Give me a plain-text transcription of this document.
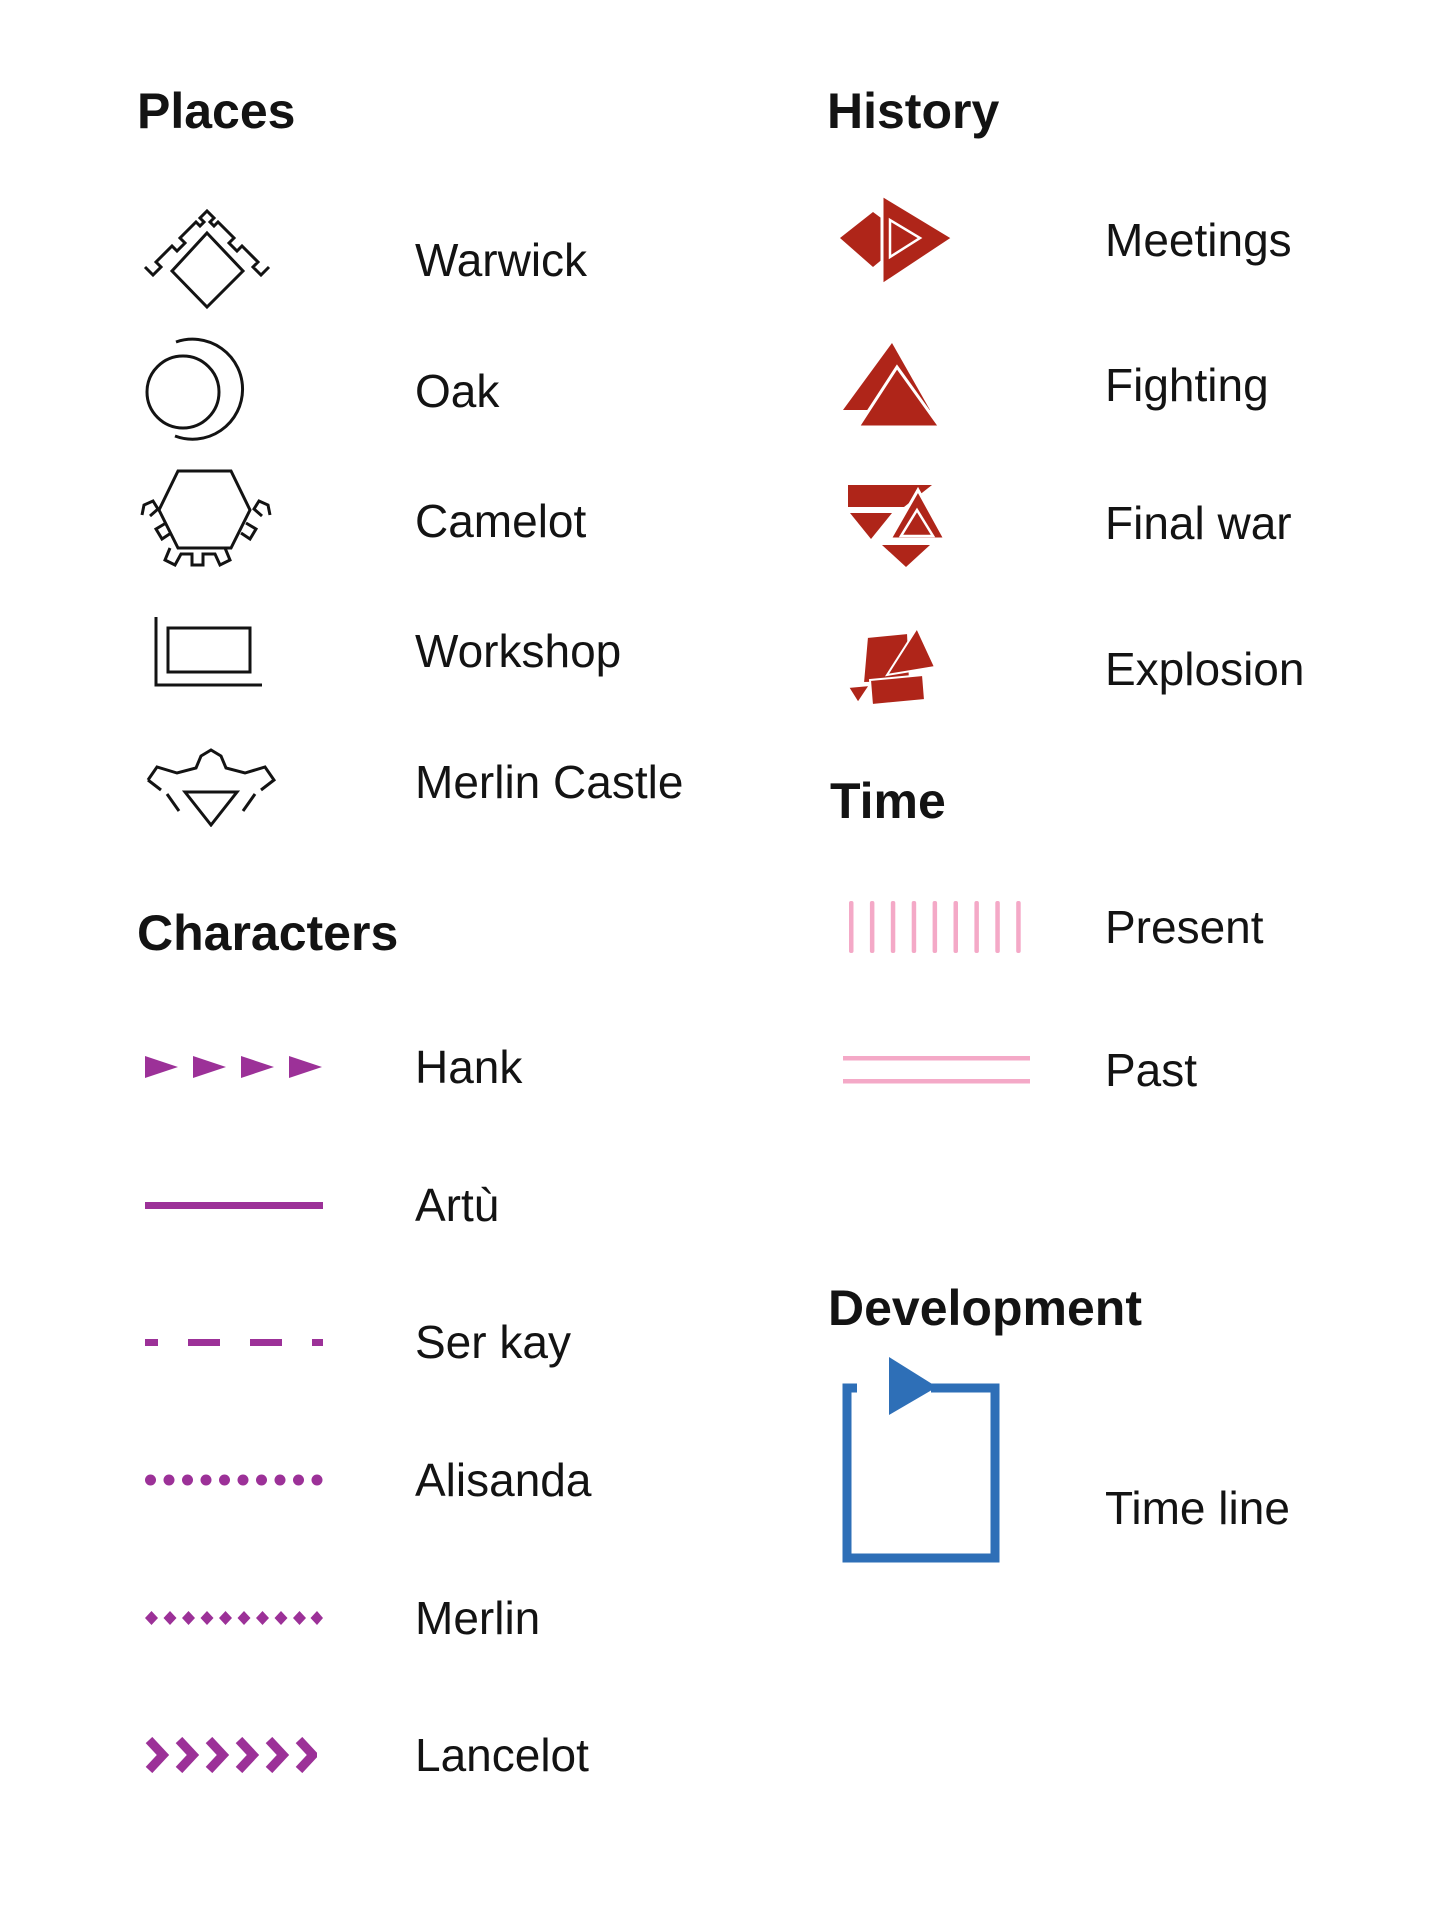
Places
Warwick
Oak
Camelot
Workshop
Merlin Castle
Characters
Hank
Artù
Ser kay
Alisanda
Merlin
Lancelot
History
Meetings
Fighting
Final war
Explosion
Time
Present
Past
Development
Time line
